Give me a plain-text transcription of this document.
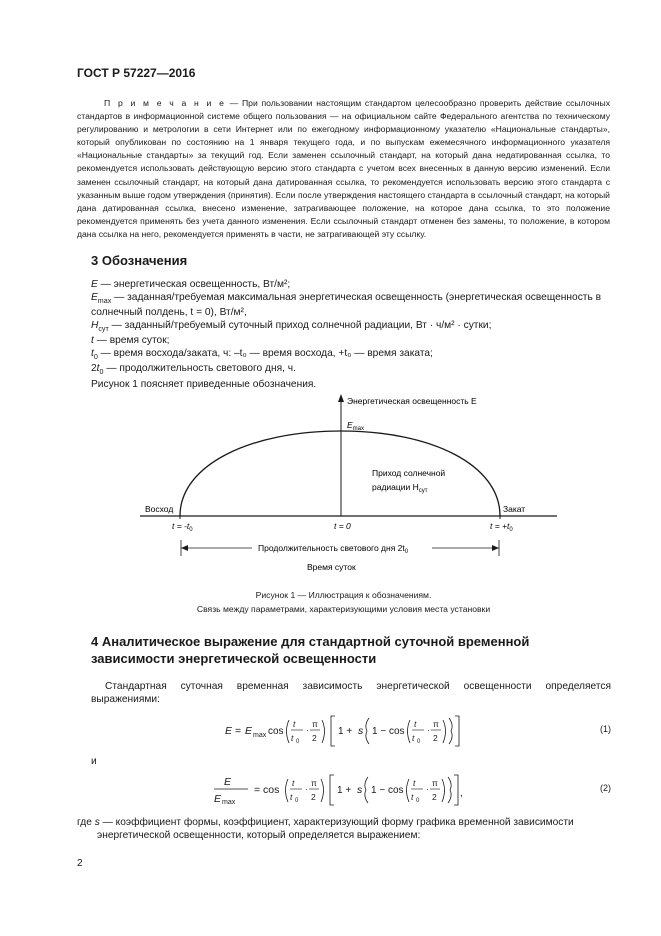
ГОСТ Р 57227—2016

П р и м е ч а н и е — При пользовании настоящим стандартом целесообразно проверить действие ссылочных стандартов в информационной системе общего пользования — на официальном сайте Федерального агентства по техническому регулированию и метрологии в сети Интернет или по ежегодному информационному указателю «Национальные стандарты», который опубликован по состоянию на 1 января текущего года, и по выпускам ежемесячного информационного указателя «Национальные стандарты» за текущий год. Если заменен ссылочный стандарт, на который дана недатированная ссылка, то рекомендуется использовать действующую версию этого стандарта с учетом всех внесенных в данную версию изменений. Если заменен ссылочный стандарт, на который дана датированная ссылка, то рекомендуется использовать версию этого стандарта с указанным выше годом утверждения (принятия). Если после утверждения настоящего стандарта в ссылочный стандарт, на который дана датированная ссылка, внесено изменение, затрагивающее положение, на которое дана ссылка, то это положение рекомендуется применять без учета данного изменения. Если ссылочный стандарт отменен без замены, то положение, в котором дана ссылка на него, рекомендуется применять в части, не затрагивающей эту ссылку.

3 Обозначения
E — энергетическая освещенность, Вт/м²;
$E_{max}$ — заданная/требуемая максимальная энергетическая освещенность (энергетическая освещенность в солнечный полдень, t = 0), Вт/м²,
$H_{сут}$ — заданный/требуемый суточный приход солнечной радиации, Вт · ч/м² · сутки;
t — время суток;
$t_0$ — время восхода/заката, ч: –t₀ — время восхода, +t₀ — время заката;
$2t_0$ — продолжительность светового дня, ч.
Рисунок 1 поясняет приведенные обозначения.
Энергетическая освещенность E
$E_{max}$
Приход солнечной
радиации $H_{сут}$
Восход	Закат
$t = -t_0$	t = 0	$t = +t_0$
Продолжительность светового дня $2t_0$
Время суток
Рисунок 1 — Иллюстрация к обозначениям.
Связь между параметрами, характеризующими условия места установки
4 Аналитическое выражение для стандартной суточной временной зависимости энергетической освещенности
Стандартная суточная временная зависимость энергетической освещенности определяется выражениями:
E = E max cos
t
t 0
·
π
2
1 + s 1 − cos
t
t 0
·
π
2
(1)
и
E
E max
= cos
t
t 0
·
π
2
1 + s 1 − cos
t
t 0
·
π
2 ,	(2)
где s — коэффициент формы, коэффициент, характеризующий форму графика временной зависимости энергетической освещенности, который определяется выражением:
2
